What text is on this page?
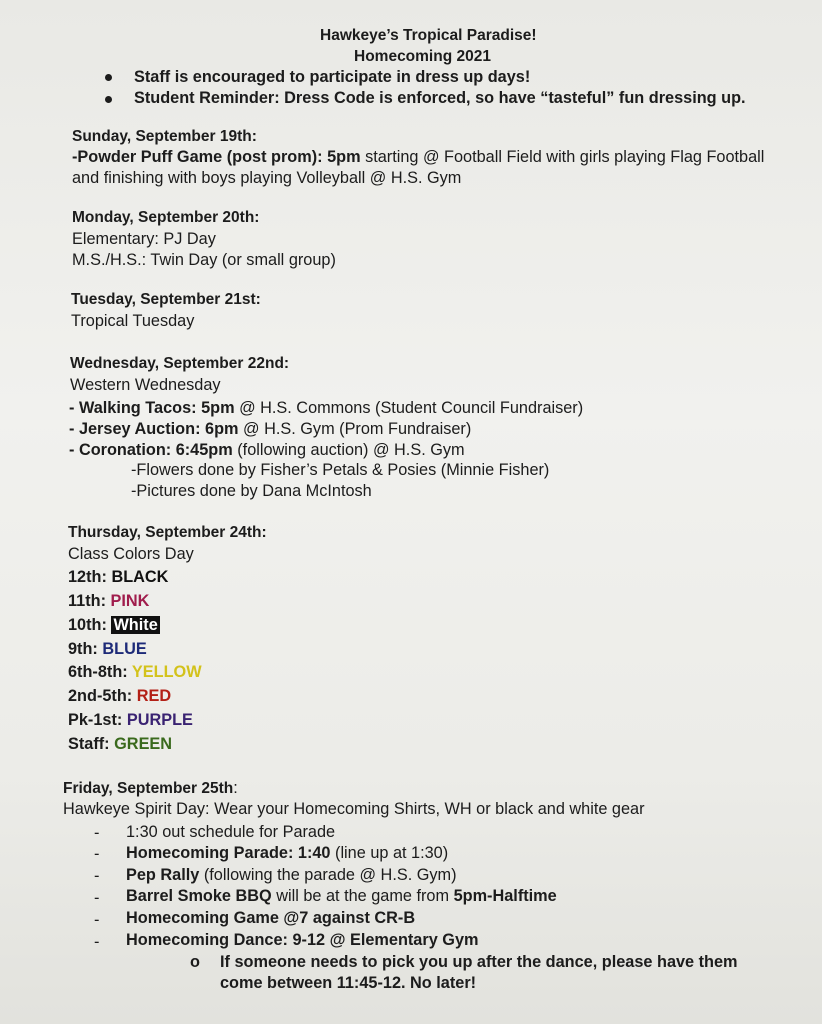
Hawkeye’s Tropical Paradise!
Homecoming 2021
Staff is encouraged to participate in dress up days!
Student Reminder: Dress Code is enforced, so have “tasteful” fun dressing up.
Sunday, September 19th:
-Powder Puff Game (post prom): 5pm starting @ Football Field with girls playing Flag Football
and finishing with boys playing Volleyball @ H.S. Gym
Monday, September 20th:
Elementary: PJ Day
M.S./H.S.: Twin Day (or small group)
Tuesday, September 21st:
Tropical Tuesday
Wednesday, September 22nd:
Western Wednesday
- Walking Tacos: 5pm @ H.S. Commons (Student Council Fundraiser)
- Jersey Auction: 6pm @ H.S. Gym (Prom Fundraiser)
- Coronation: 6:45pm (following auction) @ H.S. Gym
-Flowers done by Fisher’s Petals & Posies (Minnie Fisher)
-Pictures done by Dana McIntosh
Thursday, September 24th:
Class Colors Day
12th: BLACK
11th: PINK
10th: White
9th: BLUE
6th-8th: YELLOW
2nd-5th: RED
Pk-1st: PURPLE
Staff: GREEN
Friday, September 25th:
Hawkeye Spirit Day: Wear your Homecoming Shirts, WH or black and white gear
- 1:30 out schedule for Parade
- Homecoming Parade: 1:40 (line up at 1:30)
- Pep Rally (following the parade @ H.S. Gym)
- Barrel Smoke BBQ will be at the game from 5pm-Halftime
- Homecoming Game @7 against CR-B
- Homecoming Dance: 9-12 @ Elementary Gym
o If someone needs to pick you up after the dance, please have them
come between 11:45-12. No later!
